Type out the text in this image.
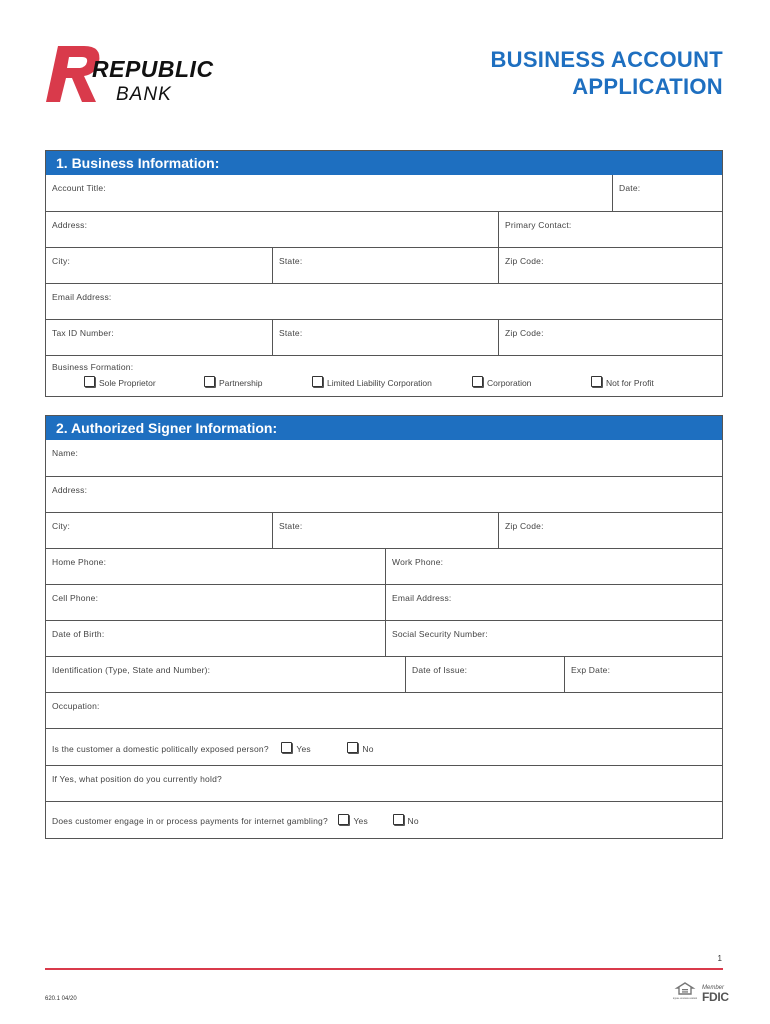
REPUBLIC
BANK
BUSINESS ACCOUNT
APPLICATION
1. Business Information:
Account Title:	Date:
Address:	Primary Contact:
City:	State:	Zip Code:
Email Address:
Tax ID Number:	State:	Zip Code:
Business Formation:
Sole Proprietor	Partnership	Limited Liability Corporation	Corporation	Not for Profit
2. Authorized Signer Information:
Name:
Address:
City:	State:	Zip Code:
Home Phone:	Work Phone:
Cell Phone:	Email Address:
Date of Birth:	Social Security Number:
Identification (Type, State and Number):	Date of Issue:	Exp Date:
Occupation:
Is the customer a domestic politically exposed person?	Yes	No
If Yes, what position do you currently hold?
Does customer engage in or process payments for internet gambling?	Yes	No
1
620.1 04/20	EQUAL HOUSING LENDER
Member
FDIC
